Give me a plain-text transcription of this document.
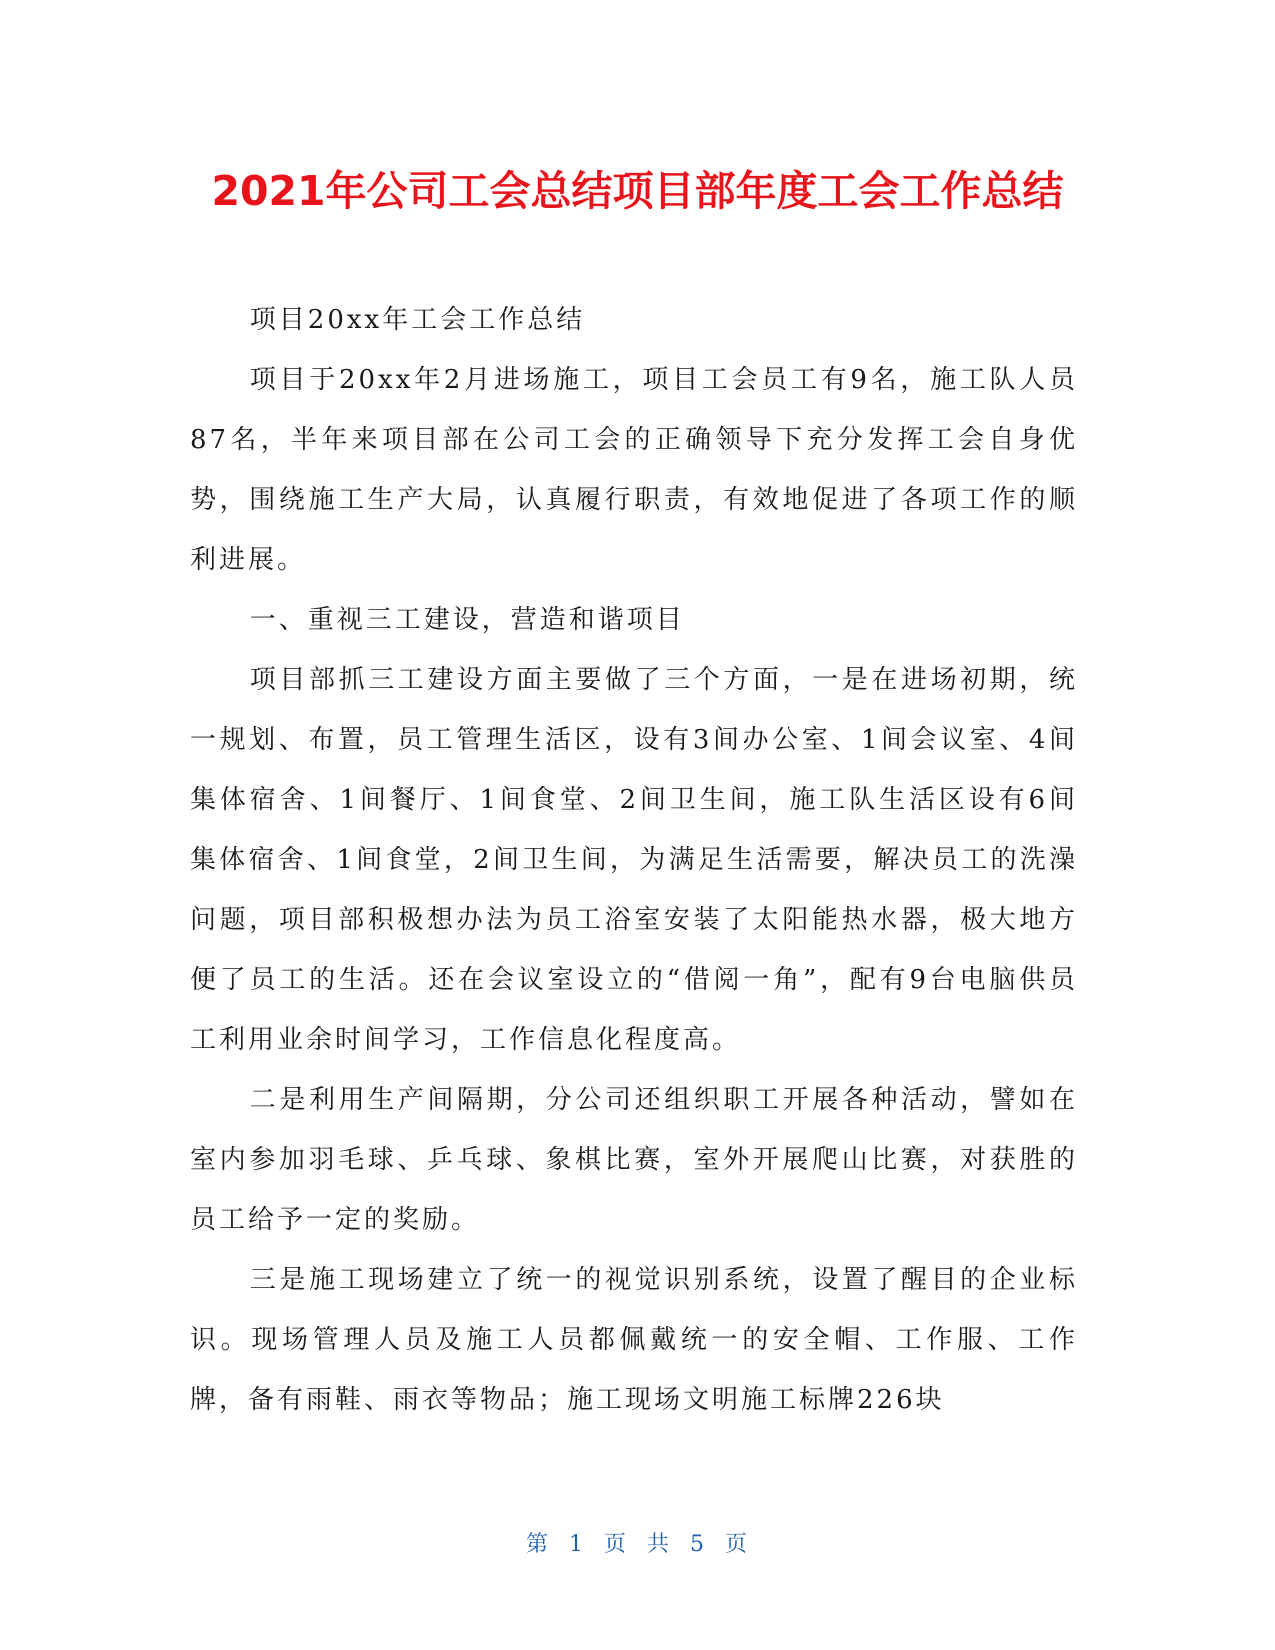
2021年公司工会总结项目部年度工会工作总结

项目20xx年工会工作总结

项目于20xx年2月进场施工，项目工会员工有9名，施工队人员87名，半年来项目部在公司工会的正确领导下充分发挥工会自身优势，围绕施工生产大局，认真履行职责，有效地促进了各项工作的顺利进展。

一、重视三工建设，营造和谐项目

项目部抓三工建设方面主要做了三个方面，一是在进场初期，统一规划、布置，员工管理生活区，设有3间办公室、1间会议室、4间集体宿舍、1间餐厅、1间食堂、2间卫生间，施工队生活区设有6间集体宿舍、1间食堂，2间卫生间，为满足生活需要，解决员工的洗澡问题，项目部积极想办法为员工浴室安装了太阳能热水器，极大地方便了员工的生活。还在会议室设立的“借阅一角”，配有9台电脑供员工利用业余时间学习，工作信息化程度高。

二是利用生产间隔期，分公司还组织职工开展各种活动，譬如在室内参加羽毛球、乒乓球、象棋比赛，室外开展爬山比赛，对获胜的员工给予一定的奖励。

三是施工现场建立了统一的视觉识别系统，设置了醒目的企业标识。现场管理人员及施工人员都佩戴统一的安全帽、工作服、工作牌，备有雨鞋、雨衣等物品；施工现场文明施工标牌226块

第 1 页 共 5 页
